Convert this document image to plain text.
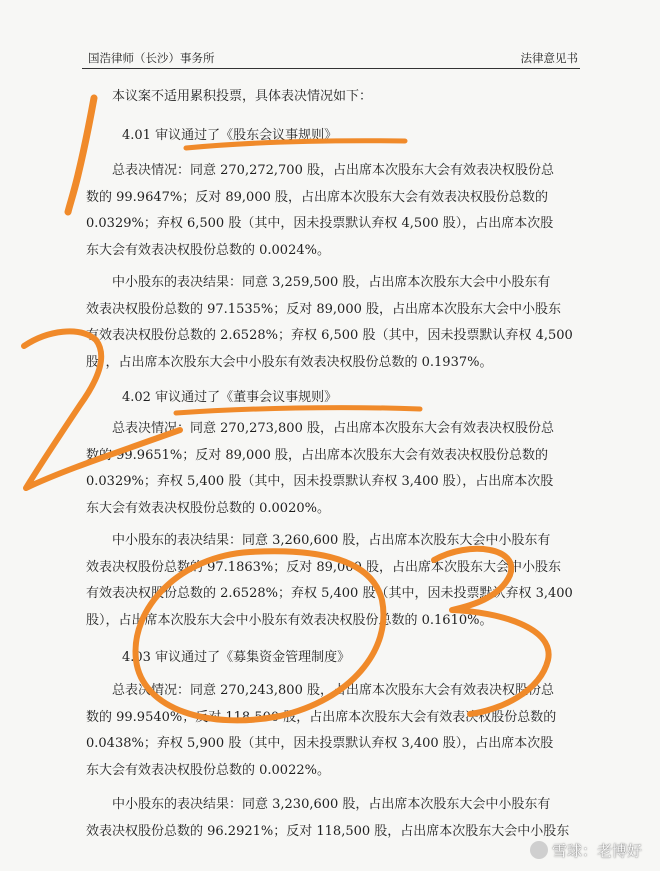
国浩律师（长沙）事务所	法律意见书
本议案不适用累积投票，具体表决情况如下：
4.01 审议通过了《股东会议事规则》
总表决情况：同意 270,272,700 股，占出席本次股东大会有效表决权股份总
数的 99.9647%；反对 89,000 股，占出席本次股东大会有效表决权股份总数的
0.0329%；弃权 6,500 股（其中，因未投票默认弃权 4,500 股），占出席本次股
东大会有效表决权股份总数的 0.0024%。
中小股东的表决结果：同意 3,259,500 股，占出席本次股东大会中小股东有
效表决权股份总数的 97.1535%；反对 89,000 股，占出席本次股东大会中小股东
有效表决权股份总数的 2.6528%；弃权 6,500 股（其中，因未投票默认弃权 4,500
股），占出席本次股东大会中小股东有效表决权股份总数的 0.1937%。
4.02 审议通过了《董事会议事规则》
总表决情况：同意 270,273,800 股，占出席本次股东大会有效表决权股份总
数的 99.9651%；反对 89,000 股，占出席本次股东大会有效表决权股份总数的
0.0329%；弃权 5,400 股（其中，因未投票默认弃权 3,400 股），占出席本次股
东大会有效表决权股份总数的 0.0020%。
中小股东的表决结果：同意 3,260,600 股，占出席本次股东大会中小股东有
效表决权股份总数的 97.1863%；反对 89,000 股，占出席本次股东大会中小股东
有效表决权股份总数的 2.6528%；弃权 5,400 股（其中，因未投票默认弃权 3,400
股），占出席本次股东大会中小股东有效表决权股份总数的 0.1610%。
4.03 审议通过了《募集资金管理制度》
总表决情况：同意 270,243,800 股，占出席本次股东大会有效表决权股份总
数的 99.9540%；反对 118,500 股，占出席本次股东大会有效表决权股份总数的
0.0438%；弃权 5,900 股（其中，因未投票默认弃权 3,400 股），占出席本次股
东大会有效表决权股份总数的 0.0022%。
中小股东的表决结果：同意 3,230,600 股，占出席本次股东大会中小股东有
效表决权股份总数的 96.2921%；反对 118,500 股，占出席本次股东大会中小股东
雪球：老博好
